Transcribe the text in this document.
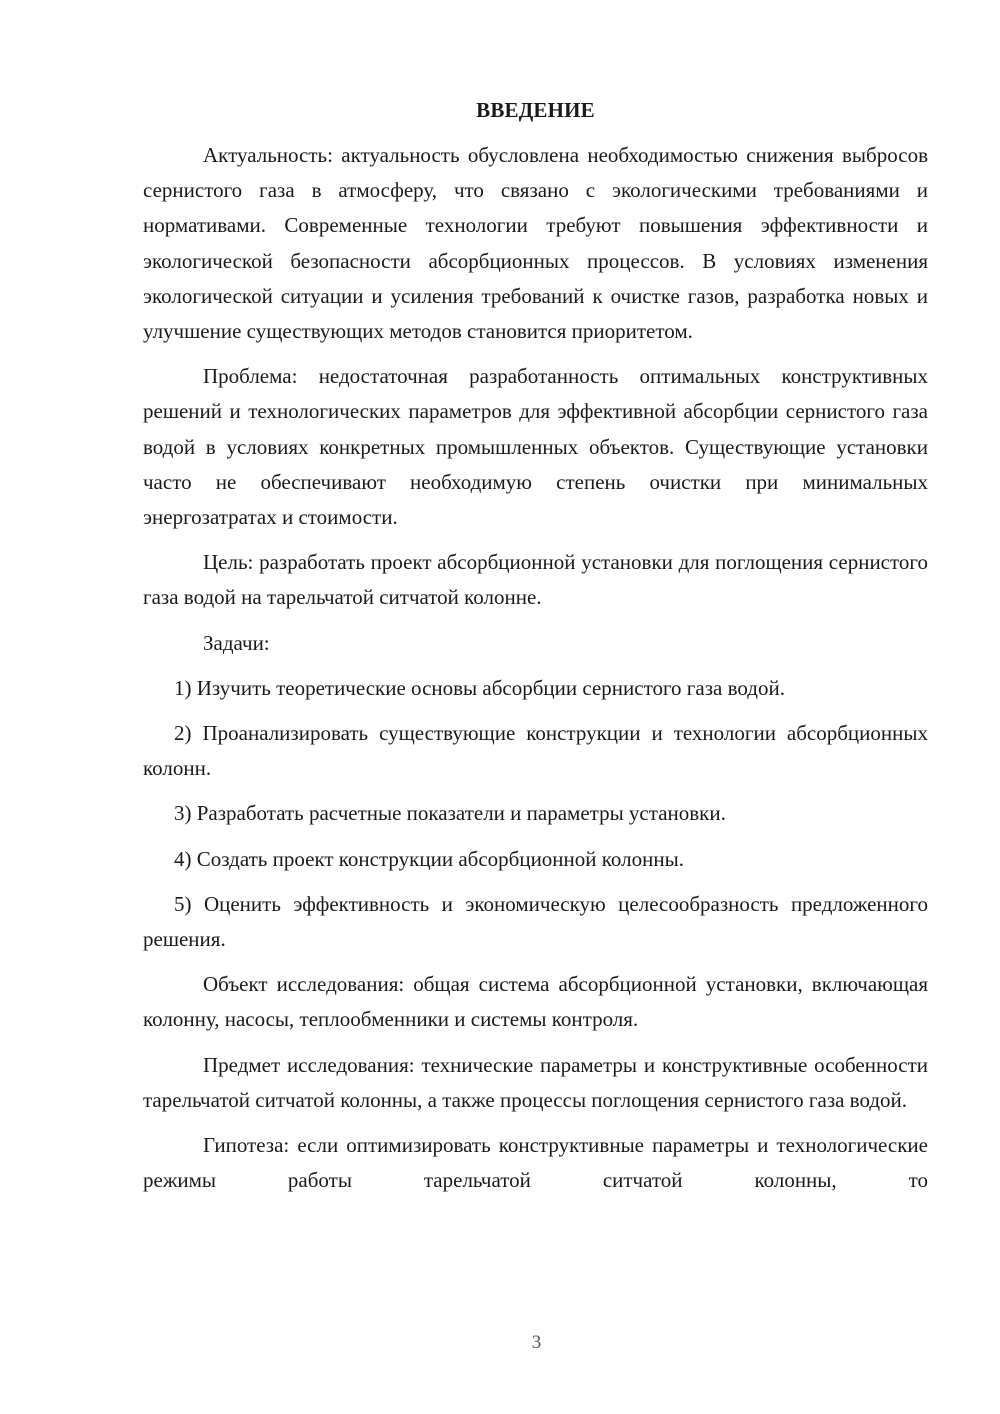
ВВЕДЕНИЕ

Актуальность: актуальность обусловлена необходимостью снижения выбросов сернистого газа в атмосферу, что связано с экологическими требованиями и нормативами. Современные технологии требуют повышения эффективности и экологической безопасности абсорбционных процессов. В условиях изменения экологической ситуации и усиления требований к очистке газов, разработка новых и улучшение существующих методов становится приоритетом.

Проблема: недостаточная разработанность оптимальных конструктивных решений и технологических параметров для эффективной абсорбции сернистого газа водой в условиях конкретных промышленных объектов. Существующие установки часто не обеспечивают необходимую степень очистки при минимальных энергозатратах и стоимости.

Цель: разработать проект абсорбционной установки для поглощения сернистого газа водой на тарельчатой ситчатой колонне.

Задачи:

1) Изучить теоретические основы абсорбции сернистого газа водой.

2) Проанализировать существующие конструкции и технологии абсорбционных колонн.

3) Разработать расчетные показатели и параметры установки.

4) Создать проект конструкции абсорбционной колонны.

5) Оценить эффективность и экономическую целесообразность предложенного решения.

Объект исследования: общая система абсорбционной установки, включающая колонну, насосы, теплообменники и системы контроля.

Предмет исследования: технические параметры и конструктивные особенности тарельчатой ситчатой колонны, а также процессы поглощения сернистого газа водой.

Гипотеза: если оптимизировать конструктивные параметры и технологические режимы работы тарельчатой ситчатой колонны, то

3
